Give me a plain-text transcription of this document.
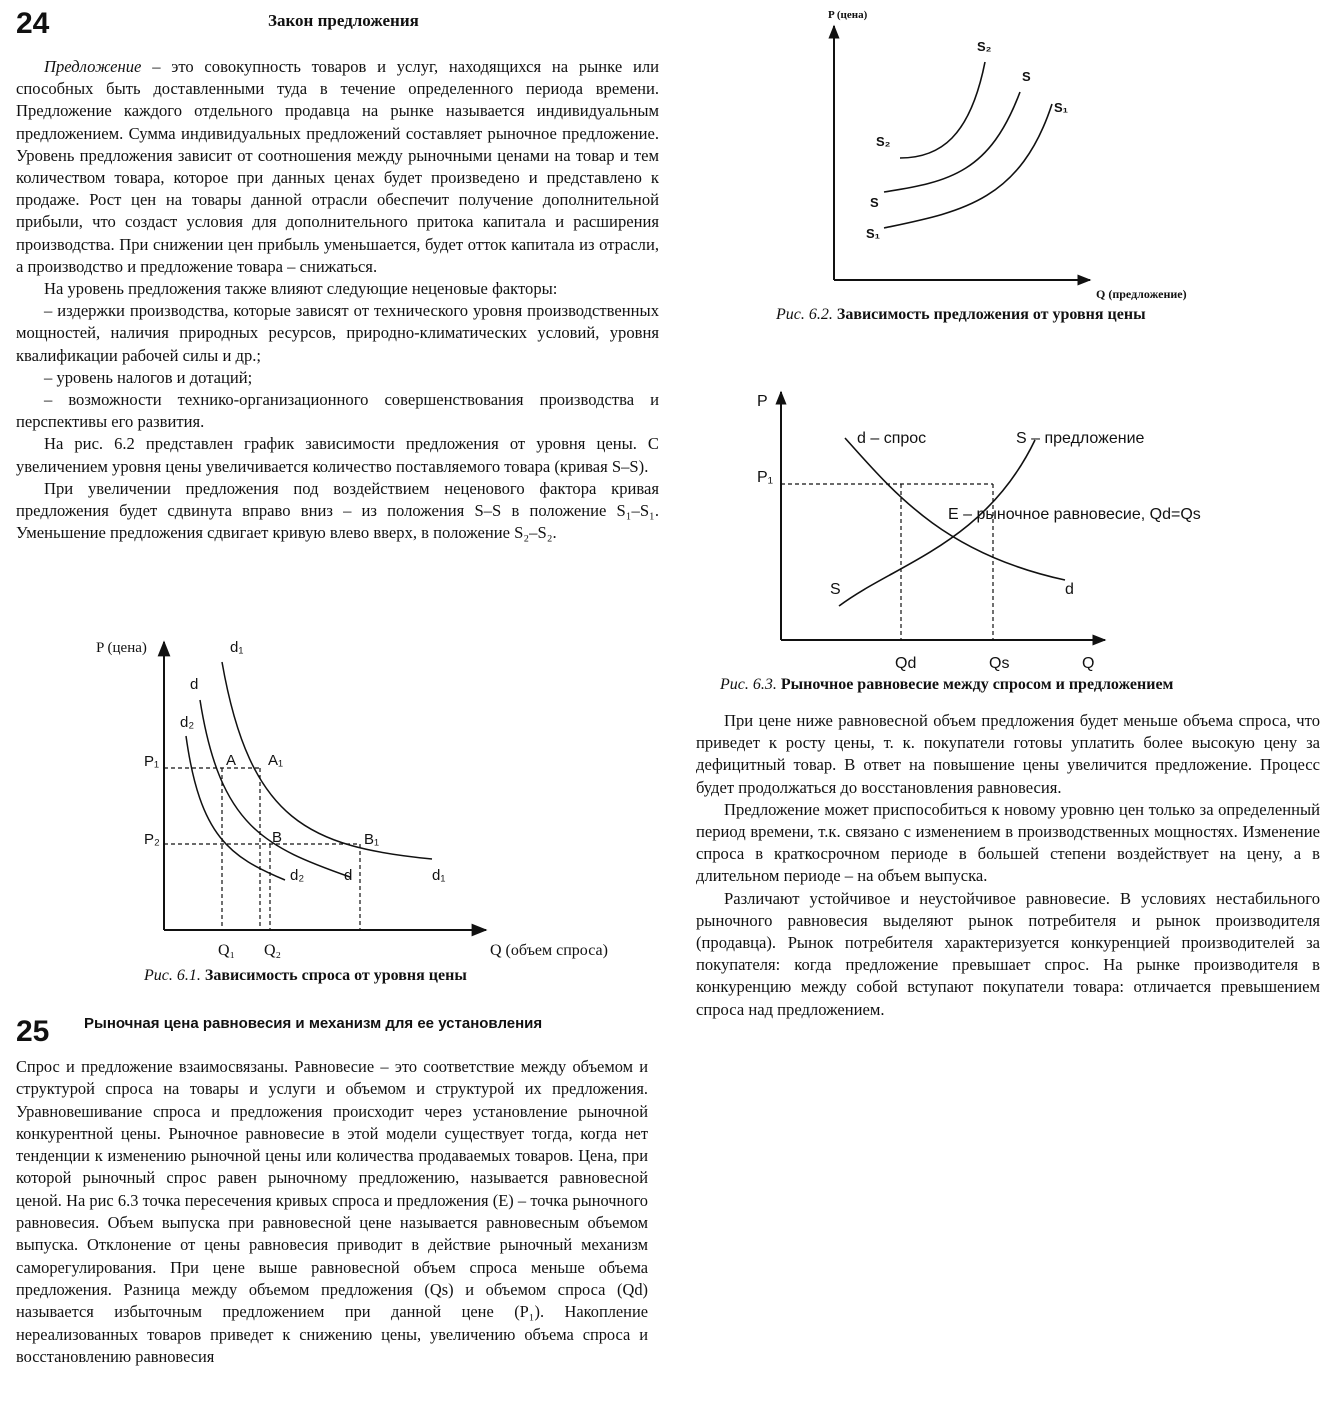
24	Закон предложения

Предложение – это совокупность товаров и услуг, находящихся на рынке или способных быть доставленными туда в течение определенного периода времени. Предложение каждого отдельного продавца на рынке называется индивидуальным предложением. Сумма индивидуальных предложений составляет рыночное предложение. Уровень предложения зависит от соотношения между рыночными ценами на товар и тем количеством товара, которое при данных ценах будет произведено и представлено к продаже. Рост цен на товары данной отрасли обеспечит получение дополнительной прибыли, что создаст условия для дополнительного притока капитала и расширения производства. При снижении цен прибыль уменьшается, будет отток капитала из отрасли, а производство и предложение товара – снижаться.

На уровень предложения также влияют следующие неценовые факторы:

– издержки производства, которые зависят от технического уровня производственных мощностей, наличия природных ресурсов, природно-климатических условий, уровня квалификации рабочей силы и др.;

– уровень налогов и дотаций;

– возможности технико-организационного совершенствования производства и перспективы его развития.

На рис. 6.2 представлен график зависимости предложения от уровня цены. С увеличением уровня цены увеличивается количество поставляемого товара (кривая S–S).

При увеличении предложения под воздействием неценового фактора кривая предложения будет сдвинута вправо вниз – из положения S–S в положение S₁–S₁. Уменьшение предложения сдвигает кривую влево вверх, в положение S₂–S₂.

P (цена)
Q (объем спроса)
d₁
d
d₂
P₁
P₂
A A₁
B	B₁
d₂	d	d₁
Q₁ Q₂
Рис. 6.1. Зависимость спроса от уровня цены
25 Рыночная цена равновесия и механизм для ее установления
Спрос и предложение взаимосвязаны. Равновесие – это соответствие между объемом и структурой спроса на товары и услуги и объемом и структурой их предложения. Уравновешивание спроса и предложения происходит через установление рыночной конкурентной цены. Рыночное равновесие в этой модели существует тогда, когда нет тенденции к изменению рыночной цены или количества продаваемых товаров. Цена, при которой рыночный спрос равен рыночному предложению, называется равновесной ценой. На рис 6.3 точка пересечения кривых спроса и предложения (E) – точка рыночного равновесия. Объем выпуска при равновесной цене называется равновесным объемом выпуска. Отклонение от цены равновесия приводит в действие рыночный механизм саморегулирования. При цене выше равновесной объем спроса меньше объема предложения. Разница между объемом предложения (Qs) и объемом спроса (Qd) называется избыточным предложением при данной цене (P₁). Накопление нереализованных товаров приведет к снижению цены, увеличению объема спроса и восстановлению равновесия
P (цена)
Q (предложение)
S₂
S
S₁
S₂
S
S₁
Рис. 6.2. Зависимость предложения от уровня цены
P
Q
d – спрос	S – предложение
P₁
E – рыночное равновесие, Qd=Qs
S	d
Qd	Qs
Рис. 6.3. Рыночное равновесие между спросом и предложением

При цене ниже равновесной объем предложения будет меньше объема спроса, что приведет к росту цены, т. к. покупатели готовы уплатить более высокую цену за дефицитный товар. В ответ на повышение цены увеличится предложение. Процесс будет продолжаться до восстановления равновесия.

Предложение может приспособиться к новому уровню цен только за определенный период времени, т.к. связано с изменением в производственных мощностях. Изменение спроса в краткосрочном периоде в большей степени воздействует на цену, а в длительном периоде – на объем выпуска.

Различают устойчивое и неустойчивое равновесие. В условиях нестабильного рыночного равновесия выделяют рынок потребителя и рынок производителя (продавца). Рынок потребителя характеризуется конкуренцией производителей за покупателя: когда предложение превышает спрос. На рынке производителя в конкуренцию между собой вступают покупатели товара: отличается превышением спроса над предложением.
